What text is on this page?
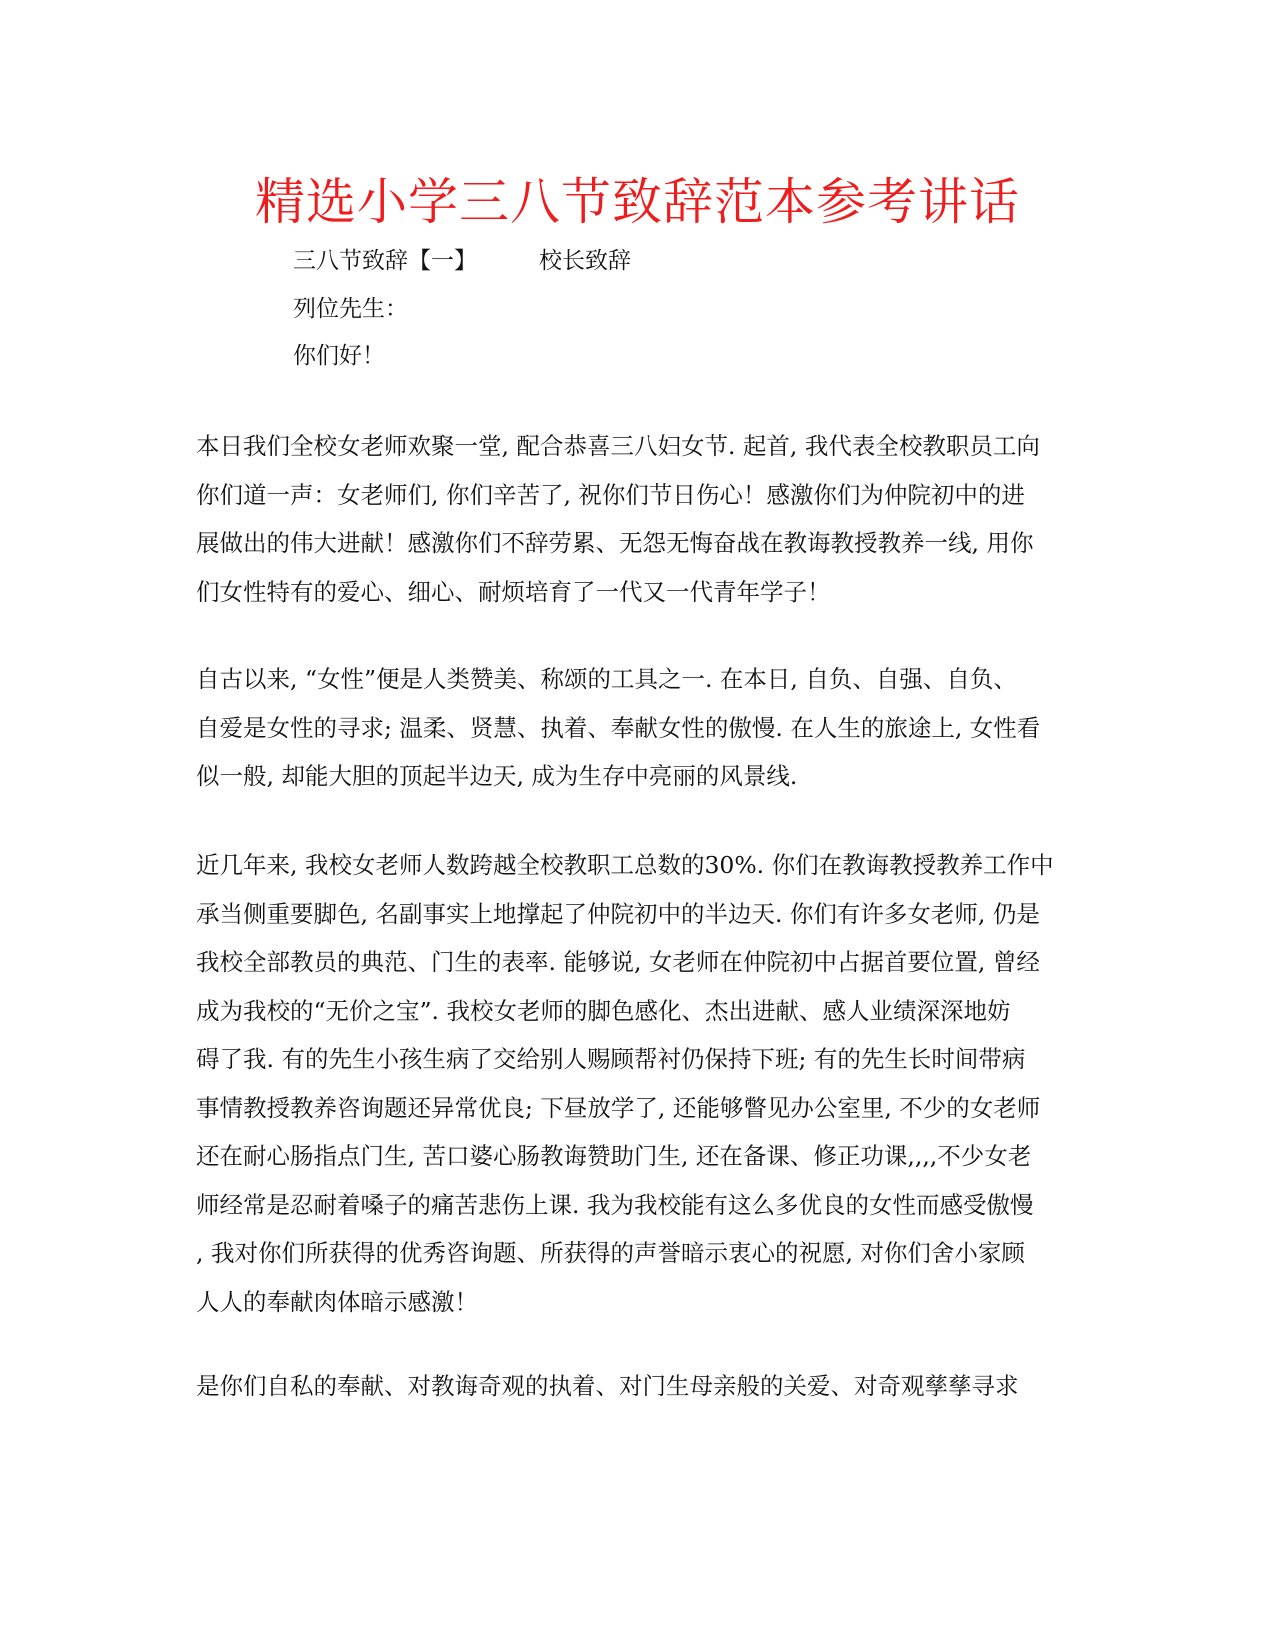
精选小学三八节致辞范本参考讲话
三八节致辞【一】	校长致辞
列位先生：
你们好！
本日我们全校女老师欢聚一堂, 配合恭喜三八妇女节. 起首, 我代表全校教职员工向
你们道一声：女老师们, 你们辛苦了, 祝你们节日伤心！感激你们为仲院初中的进
展做出的伟大进献！感激你们不辞劳累、无怨无悔奋战在教诲教授教养一线, 用你
们女性特有的爱心、细心、耐烦培育了一代又一代青年学子！
自古以来, “女性”便是人类赞美、称颂的工具之一. 在本日, 自负、自强、自负、
自爱是女性的寻求; 温柔、贤慧、执着、奉献女性的傲慢. 在人生的旅途上, 女性看
似一般, 却能大胆的顶起半边天, 成为生存中亮丽的风景线.
近几年来, 我校女老师人数跨越全校教职工总数的30%. 你们在教诲教授教养工作中
承当侧重要脚色, 名副事实上地撑起了仲院初中的半边天. 你们有许多女老师, 仍是
我校全部教员的典范、门生的表率. 能够说, 女老师在仲院初中占据首要位置, 曾经
成为我校的“无价之宝”. 我校女老师的脚色感化、杰出进献、感人业绩深深地妨
碍了我. 有的先生小孩生病了交给别人赐顾帮衬仍保持下班; 有的先生长时间带病
事情教授教养咨询题还异常优良; 下昼放学了, 还能够瞥见办公室里, 不少的女老师
还在耐心肠指点门生, 苦口婆心肠教诲赞助门生, 还在备课、修正功课,,,,不少女老
师经常是忍耐着嗓子的痛苦悲伤上课. 我为我校能有这么多优良的女性而感受傲慢
, 我对你们所获得的优秀咨询题、所获得的声誉暗示衷心的祝愿, 对你们舍小家顾
人人的奉献肉体暗示感激！
是你们自私的奉献、对教诲奇观的执着、对门生母亲般的关爱、对奇观孳孳寻求
